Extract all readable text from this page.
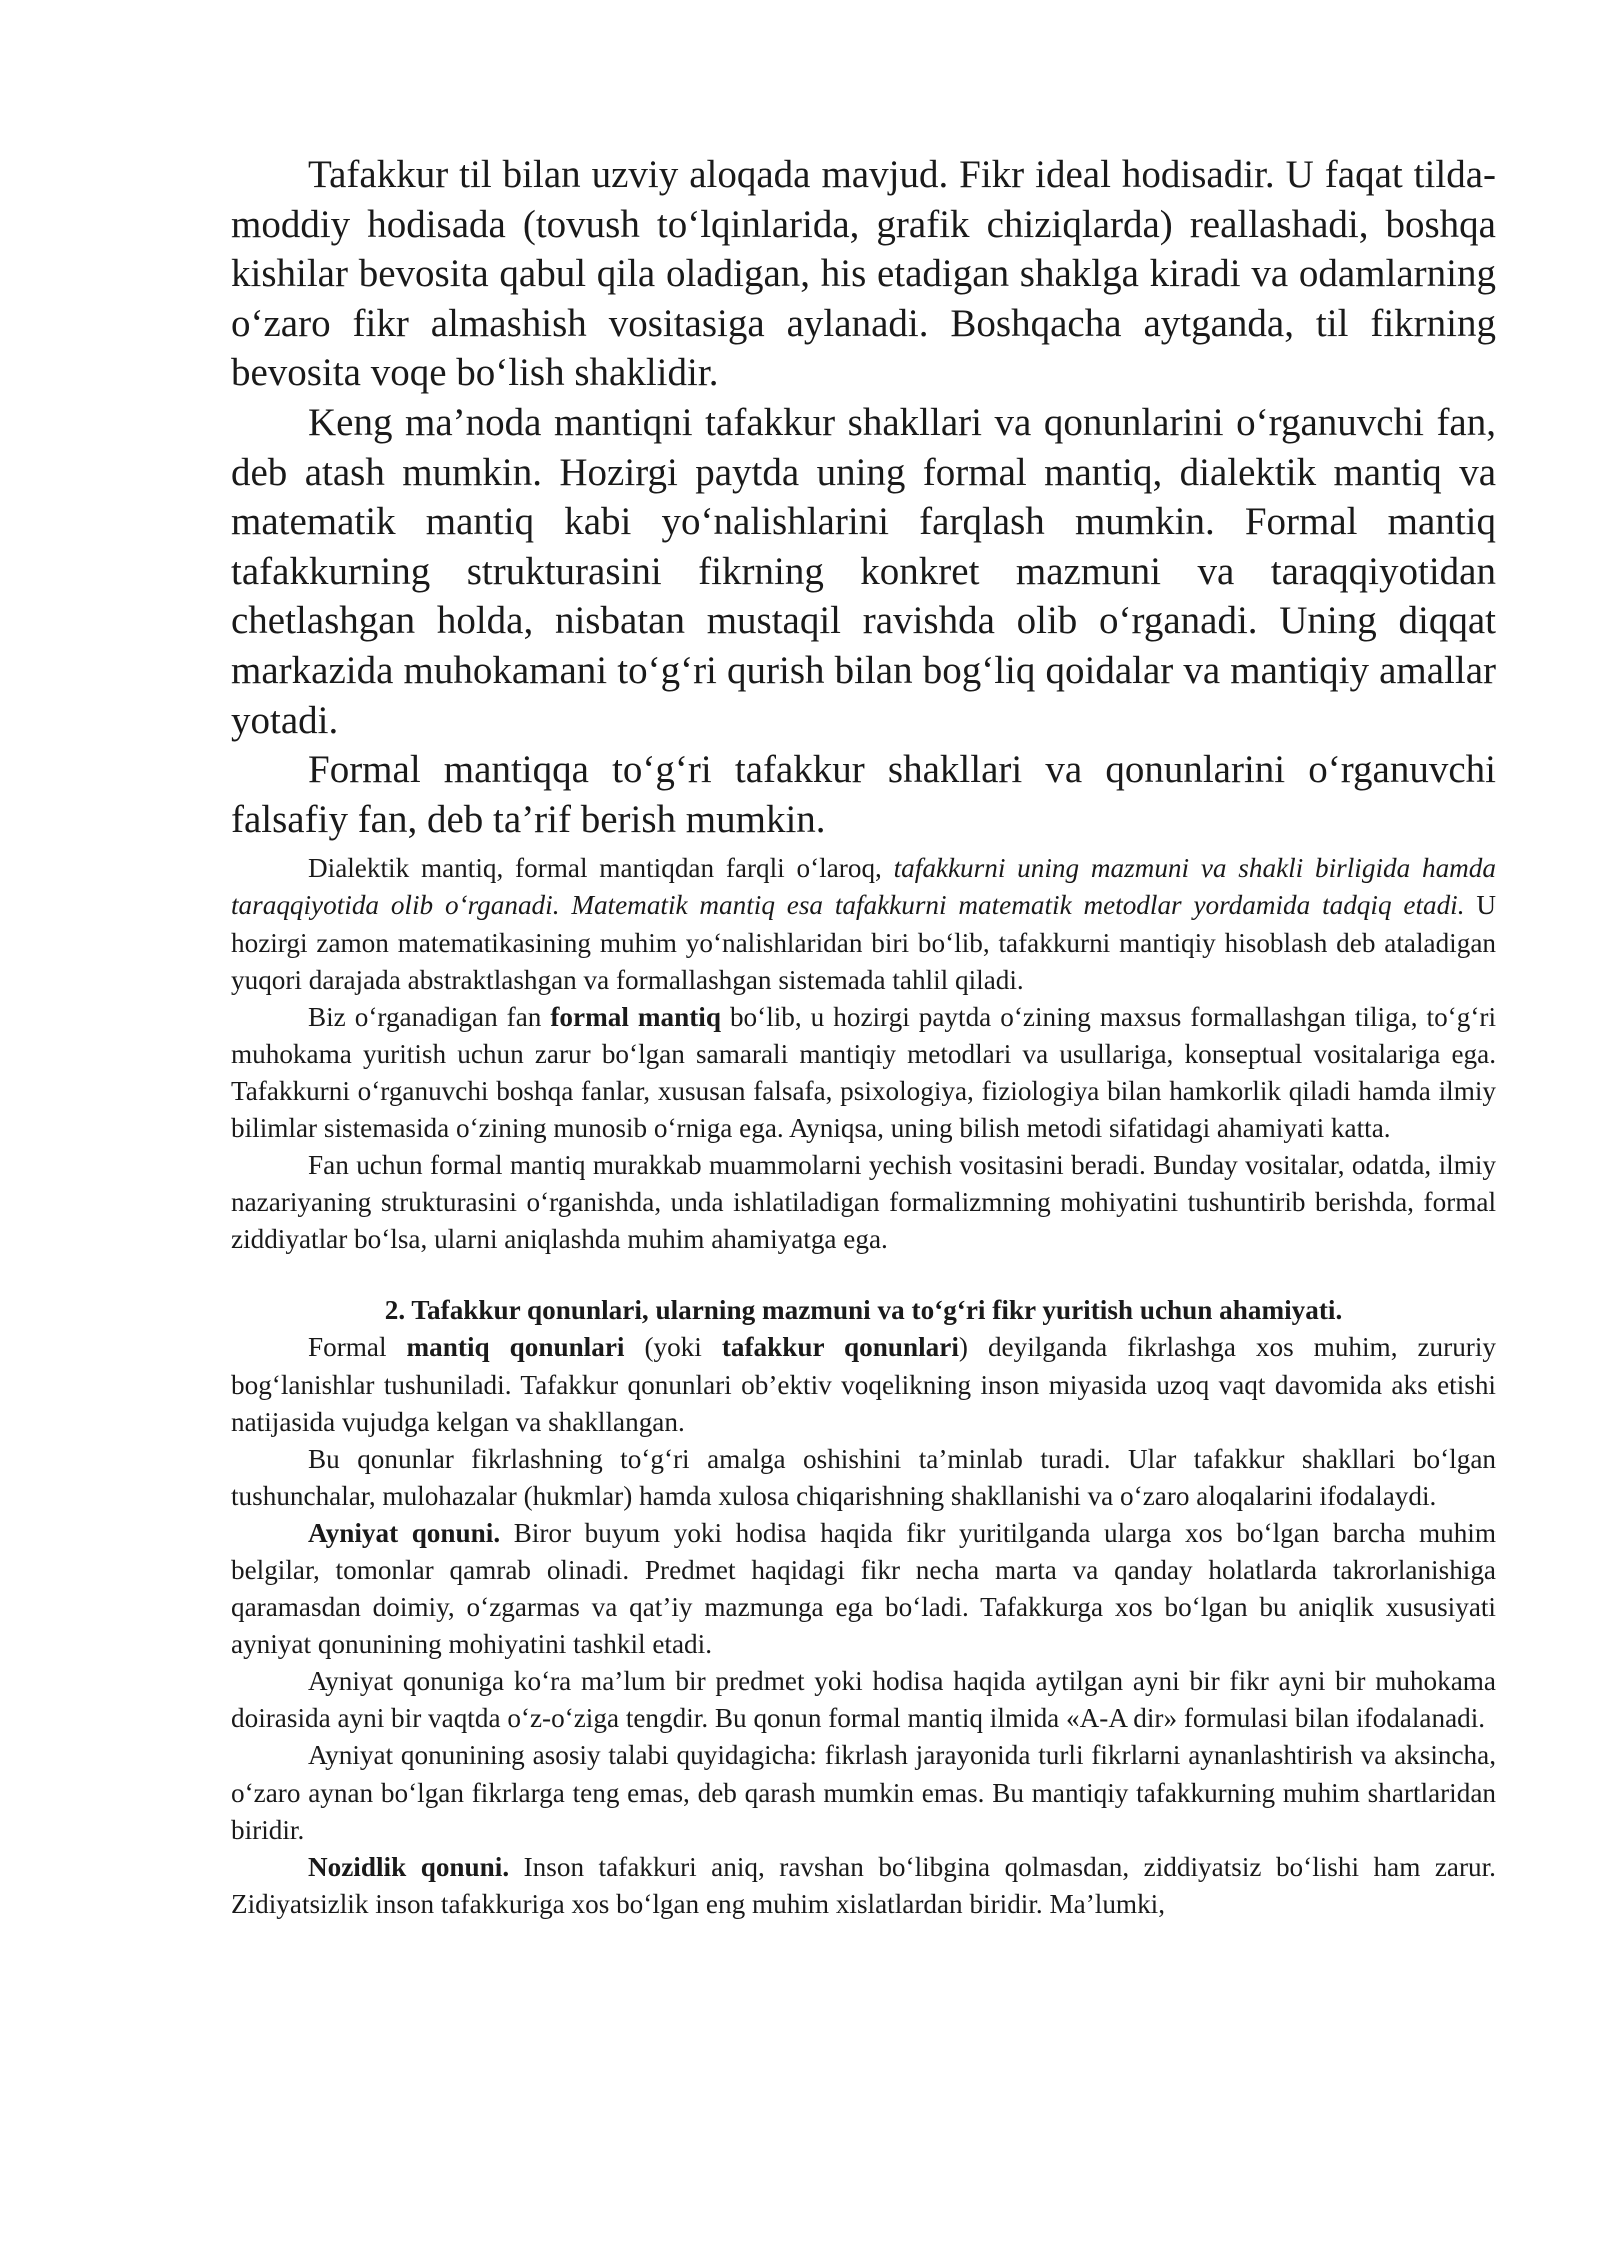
Tafakkur til bilan uzviy aloqada mavjud. Fikr ideal hodisadir. U faqat tilda-moddiy hodisada (tovush to‘lqinlarida, grafik chiziqlarda) reallashadi, boshqa kishilar bevosita qabul qila oladigan, his etadigan shaklga kiradi va odamlarning o‘zaro fikr almashish vositasiga aylanadi. Boshqacha aytganda, til fikrning bevosita voqe bo‘lish shaklidir.

Keng ma’noda mantiqni tafakkur shakllari va qonunlarini o‘rganuvchi fan, deb atash mumkin. Hozirgi paytda uning formal mantiq, dialektik mantiq va matematik mantiq kabi yo‘nalishlarini farqlash mumkin. Formal mantiq tafakkurning strukturasini fikrning konkret mazmuni va taraqqiyotidan chetlashgan holda, nisbatan mustaqil ravishda olib o‘rganadi. Uning diqqat markazida muhokamani to‘g‘ri qurish bilan bog‘liq qoidalar va mantiqiy amallar yotadi.

Formal mantiqqa to‘g‘ri tafakkur shakllari va qonunlarini o‘rganuvchi falsafiy fan, deb ta’rif berish mumkin.

Dialektik mantiq, formal mantiqdan farqli o‘laroq, tafakkurni uning mazmuni va shakli birligida hamda taraqqiyotida olib o‘rganadi. Matematik mantiq esa tafakkurni matematik metodlar yordamida tadqiq etadi. U hozirgi zamon matematikasining muhim yo‘nalishlaridan biri bo‘lib, tafakkurni mantiqiy hisoblash deb ataladigan yuqori darajada abstraktlashgan va formallashgan sistemada tahlil qiladi.

Biz o‘rganadigan fan formal mantiq bo‘lib, u hozirgi paytda o‘zining maxsus formallashgan tiliga, to‘g‘ri muhokama yuritish uchun zarur bo‘lgan samarali mantiqiy metodlari va usullariga, konseptual vositalariga ega. Tafakkurni o‘rganuvchi boshqa fanlar, xususan falsafa, psixologiya, fiziologiya bilan hamkorlik qiladi hamda ilmiy bilimlar sistemasida o‘zining munosib o‘rniga ega. Ayniqsa, uning bilish metodi sifatidagi ahamiyati katta.

Fan uchun formal mantiq murakkab muammolarni yechish vositasini beradi. Bunday vositalar, odatda, ilmiy nazariyaning strukturasini o‘rganishda, unda ishlatiladigan formalizmning mohiyatini tushuntirib berishda, formal ziddiyatlar bo‘lsa, ularni aniqlashda muhim ahamiyatga ega.

2. Tafakkur qonunlari, ularning mazmuni va to‘g‘ri fikr yuritish uchun ahamiyati.

Formal mantiq qonunlari (yoki tafakkur qonunlari) deyilganda fikrlashga xos muhim, zururiy bog‘lanishlar tushuniladi. Tafakkur qonunlari ob’ektiv voqelikning inson miyasida uzoq vaqt davomida aks etishi natijasida vujudga kelgan va shakllangan.

Bu qonunlar fikrlashning to‘g‘ri amalga oshishini ta’minlab turadi. Ular tafakkur shakllari bo‘lgan tushunchalar, mulohazalar (hukmlar) hamda xulosa chiqarishning shakllanishi va o‘zaro aloqalarini ifodalaydi.

Ayniyat qonuni. Biror buyum yoki hodisa haqida fikr yuritilganda ularga xos bo‘lgan barcha muhim belgilar, tomonlar qamrab olinadi. Predmet haqidagi fikr necha marta va qanday holatlarda takrorlanishiga qaramasdan doimiy, o‘zgarmas va qat’iy mazmunga ega bo‘ladi. Tafakkurga xos bo‘lgan bu aniqlik xususiyati ayniyat qonunining mohiyatini tashkil etadi.

Ayniyat qonuniga ko‘ra ma’lum bir predmet yoki hodisa haqida aytilgan ayni bir fikr ayni bir muhokama doirasida ayni bir vaqtda o‘z-o‘ziga tengdir. Bu qonun formal mantiq ilmida «A-A dir» formulasi bilan ifodalanadi.

Ayniyat qonunining asosiy talabi quyidagicha: fikrlash jarayonida turli fikrlarni aynanlashtirish va aksincha, o‘zaro aynan bo‘lgan fikrlarga teng emas, deb qarash mumkin emas. Bu mantiqiy tafakkurning muhim shartlaridan biridir.

Nozidlik qonuni. Inson tafakkuri aniq, ravshan bo‘libgina qolmasdan, ziddiyatsiz bo‘lishi ham zarur. Zidiyatsizlik inson tafakkuriga xos bo‘lgan eng muhim xislatlardan biridir. Ma’lumki,
